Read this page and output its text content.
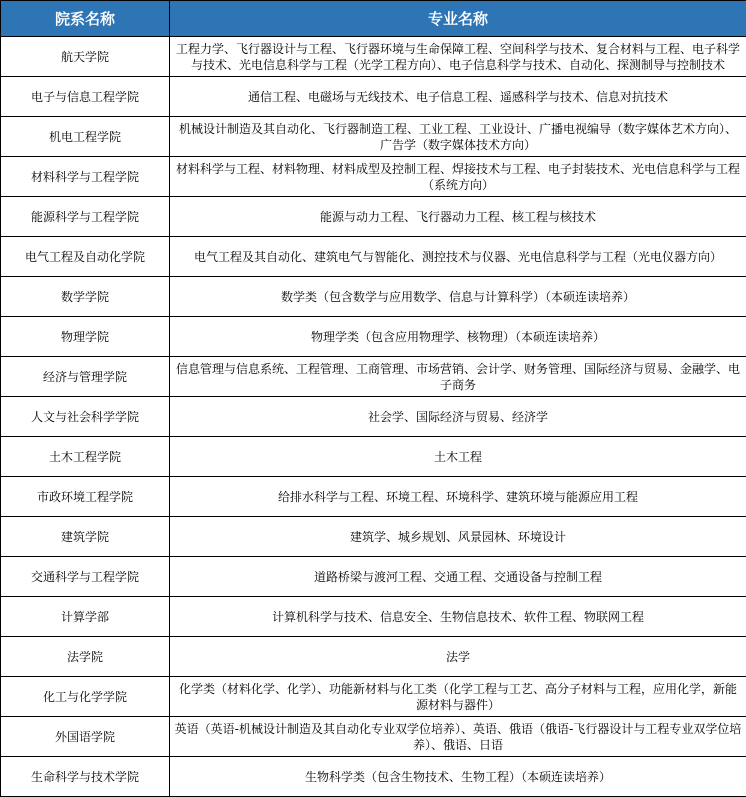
院系名称	专业名称
航天学院	工程力学、飞行器设计与工程、飞行器环境与生命保障工程、空间科学与技术、复合材料与工程、电子科学与技术、光电信息科学与工程（光学工程方向）、电子信息科学与技术、自动化、探测制导与控制技术
电子与信息工程学院	通信工程、电磁场与无线技术、电子信息工程、遥感科学与技术、信息对抗技术
机电工程学院	机械设计制造及其自动化、飞行器制造工程、工业工程、工业设计、广播电视编导（数字媒体艺术方向）、广告学（数字媒体技术方向）
材料科学与工程学院	材料科学与工程、材料物理、材料成型及控制工程、焊接技术与工程、电子封装技术、光电信息科学与工程（系统方向）
能源科学与工程学院	能源与动力工程、飞行器动力工程、核工程与核技术
电气工程及自动化学院	电气工程及其自动化、建筑电气与智能化、测控技术与仪器、光电信息科学与工程（光电仪器方向）
数学学院	数学类（包含数学与应用数学、信息与计算科学）（本硕连读培养）
物理学院	物理学类（包含应用物理学、核物理）（本硕连读培养）
经济与管理学院	信息管理与信息系统、工程管理、工商管理、市场营销、会计学、财务管理、国际经济与贸易、金融学、电子商务
人文与社会科学学院	社会学、国际经济与贸易、经济学
土木工程学院	土木工程
市政环境工程学院	给排水科学与工程、环境工程、环境科学、建筑环境与能源应用工程
建筑学院	建筑学、城乡规划、风景园林、环境设计
交通科学与工程学院	道路桥梁与渡河工程、交通工程、交通设备与控制工程
计算学部	计算机科学与技术、信息安全、生物信息技术、软件工程、物联网工程
法学院	法学
化工与化学学院	化学类（材料化学、化学）、功能新材料与化工类（化学工程与工艺、高分子材料与工程，应用化学，新能源材料与器件）
外国语学院	英语（英语-机械设计制造及其自动化专业双学位培养）、英语、俄语（俄语-飞行器设计与工程专业双学位培养）、俄语、日语
生命科学与技术学院	生物科学类（包含生物技术、生物工程）（本硕连读培养）
